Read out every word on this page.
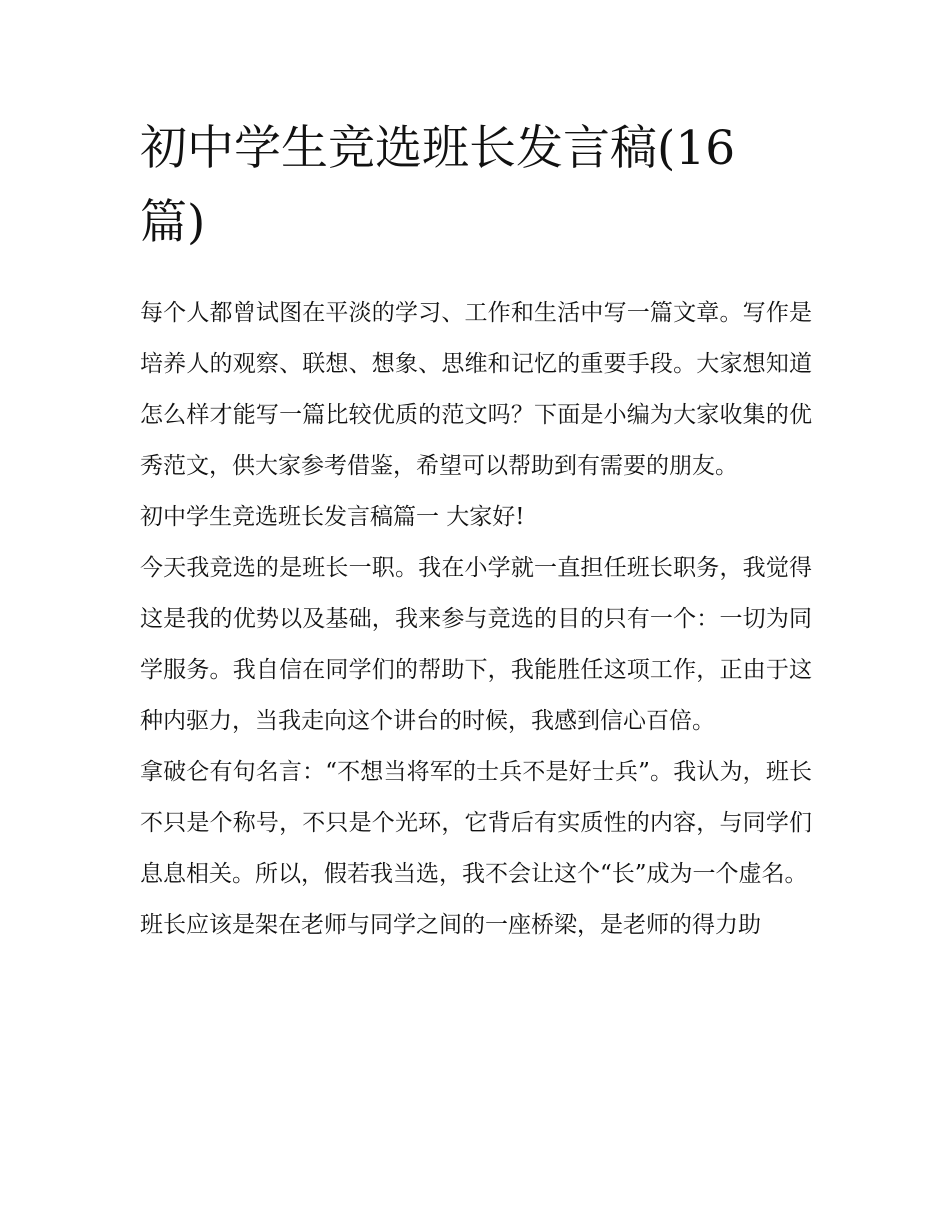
初中学生竞选班长发言稿(16
篇)

每个人都曾试图在平淡的学习、工作和生活中写一篇文章。写作是培养人的观察、联想、想象、思维和记忆的重要手段。大家想知道怎么样才能写一篇比较优质的范文吗？下面是小编为大家收集的优秀范文，供大家参考借鉴，希望可以帮助到有需要的朋友。

初中学生竞选班长发言稿篇一 大家好!

今天我竞选的是班长一职。我在小学就一直担任班长职务，我觉得这是我的优势以及基础，我来参与竞选的目的只有一个：一切为同学服务。我自信在同学们的帮助下，我能胜任这项工作，正由于这种内驱力，当我走向这个讲台的时候，我感到信心百倍。

拿破仑有句名言：“不想当将军的士兵不是好士兵”。我认为，班长不只是个称号，不只是个光环，它背后有实质性的内容，与同学们息息相关。所以，假若我当选，我不会让这个“长”成为一个虚名。

班长应该是架在老师与同学之间的一座桥梁，是老师的得力助
